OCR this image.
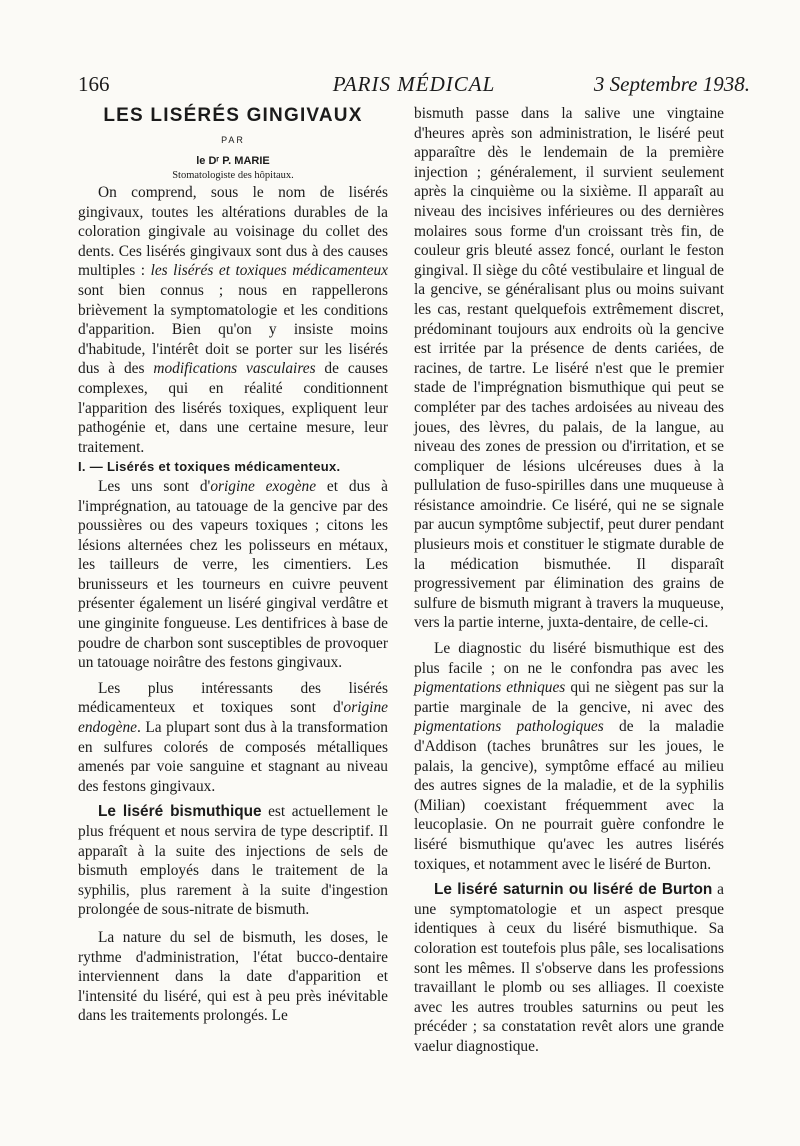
166	PARIS MÉDICAL	3 Septembre 1938.
LES LISÉRÉS GINGIVAUX
PAR
le Dʳ P. MARIE
Stomatologiste des hôpitaux.

On comprend, sous le nom de lisérés gingivaux, toutes les altérations durables de la coloration gingivale au voisinage du collet des dents. Ces lisérés gingivaux sont dus à des causes multiples : les lisérés et toxiques médicamenteux sont bien connus ; nous en rappellerons brièvement la symptomatologie et les conditions d'apparition. Bien qu'on y insiste moins d'habitude, l'intérêt doit se porter sur les lisérés dus à des modifications vasculaires de causes complexes, qui en réalité conditionnent l'apparition des lisérés toxiques, expliquent leur pathogénie et, dans une certaine mesure, leur traitement.

I. — Lisérés et toxiques médicamenteux.

Les uns sont d'origine exogène et dus à l'imprégnation, au tatouage de la gencive par des poussières ou des vapeurs toxiques ; citons les lésions alternées chez les polisseurs en métaux, les tailleurs de verre, les cimentiers. Les brunisseurs et les tourneurs en cuivre peuvent présenter également un liséré gingival verdâtre et une ginginite fongueuse. Les dentifrices à base de poudre de charbon sont susceptibles de provoquer un tatouage noirâtre des festons gingivaux.

Les plus intéressants des lisérés médicamenteux et toxiques sont d'origine endogène. La plupart sont dus à la transformation en sulfures colorés de composés métalliques amenés par voie sanguine et stagnant au niveau des festons gingivaux.

Le liséré bismuthique est actuellement le plus fréquent et nous servira de type descriptif. Il apparaît à la suite des injections de sels de bismuth employés dans le traitement de la syphilis, plus rarement à la suite d'ingestion prolongée de sous-nitrate de bismuth.

La nature du sel de bismuth, les doses, le rythme d'administration, l'état bucco-dentaire interviennent dans la date d'apparition et l'intensité du liséré, qui est à peu près inévitable dans les traitements prolongés. Le

bismuth passe dans la salive une vingtaine d'heures après son administration, le liséré peut apparaître dès le lendemain de la première injection ; généralement, il survient seulement après la cinquième ou la sixième. Il apparaît au niveau des incisives inférieures ou des dernières molaires sous forme d'un croissant très fin, de couleur gris bleuté assez foncé, ourlant le feston gingival. Il siège du côté vestibulaire et lingual de la gencive, se généralisant plus ou moins suivant les cas, restant quelquefois extrêmement discret, prédominant toujours aux endroits où la gencive est irritée par la présence de dents cariées, de racines, de tartre. Le liséré n'est que le premier stade de l'imprégnation bismuthique qui peut se compléter par des taches ardoisées au niveau des joues, des lèvres, du palais, de la langue, au niveau des zones de pression ou d'irritation, et se compliquer de lésions ulcéreuses dues à la pullulation de fuso-spirilles dans une muqueuse à résistance amoindrie. Ce liséré, qui ne se signale par aucun symptôme subjectif, peut durer pendant plusieurs mois et constituer le stigmate durable de la médication bismuthée. Il disparaît progressivement par élimination des grains de sulfure de bismuth migrant à travers la muqueuse, vers la partie interne, juxta-dentaire, de celle-ci.

Le diagnostic du liséré bismuthique est des plus facile ; on ne le confondra pas avec les pigmentations ethniques qui ne siègent pas sur la partie marginale de la gencive, ni avec des pigmentations pathologiques de la maladie d'Addison (taches brunâtres sur les joues, le palais, la gencive), symptôme effacé au milieu des autres signes de la maladie, et de la syphilis (Milian) coexistant fréquemment avec la leucoplasie. On ne pourrait guère confondre le liséré bismuthique qu'avec les autres lisérés toxiques, et notamment avec le liséré de Burton.

Le liséré saturnin ou liséré de Burton a une symptomatologie et un aspect presque identiques à ceux du liséré bismuthique. Sa coloration est toutefois plus pâle, ses localisations sont les mêmes. Il s'observe dans les professions travaillant le plomb ou ses alliages. Il coexiste avec les autres troubles saturnins ou peut les précéder ; sa constatation revêt alors une grande vaelur diagnostique.
